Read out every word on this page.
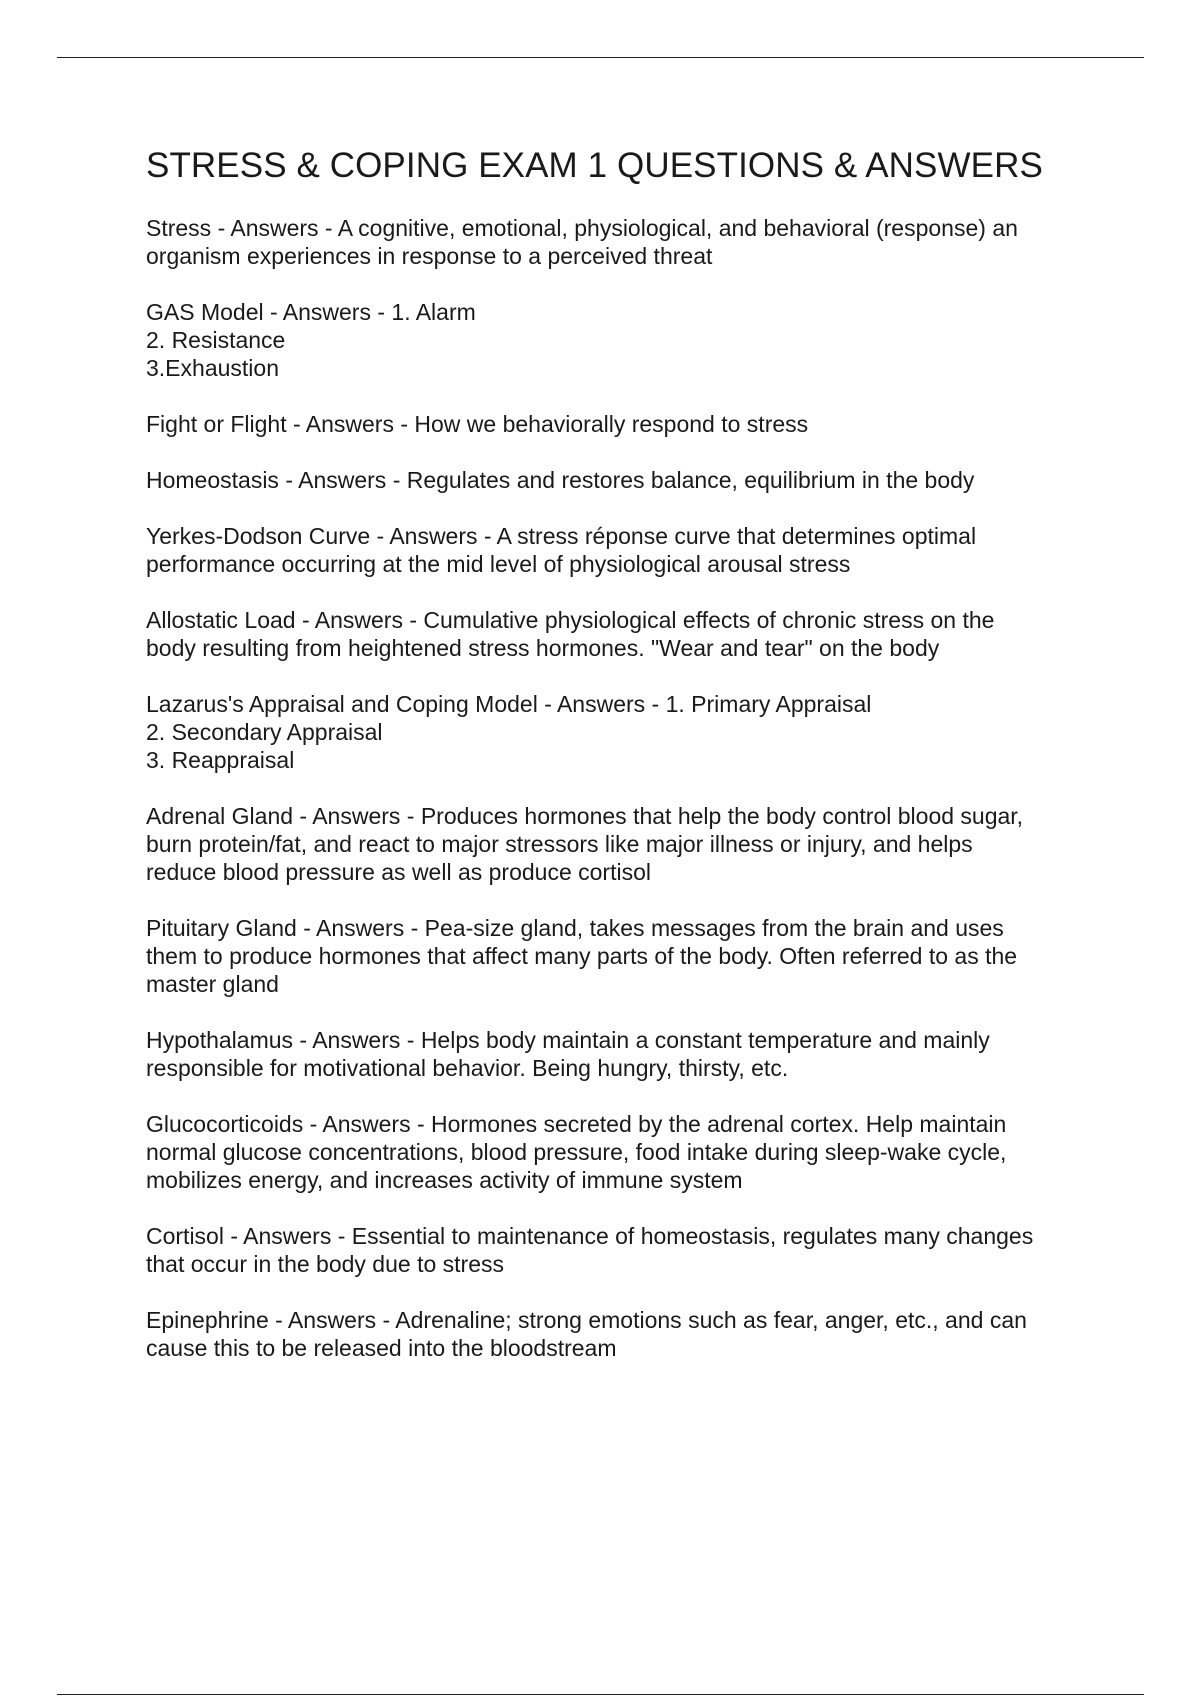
STRESS & COPING EXAM 1 QUESTIONS & ANSWERS

Stress - Answers - A cognitive, emotional, physiological, and behavioral (response) an
organism experiences in response to a perceived threat

GAS Model - Answers - 1. Alarm
2. Resistance
3.Exhaustion

Fight or Flight - Answers - How we behaviorally respond to stress

Homeostasis - Answers - Regulates and restores balance, equilibrium in the body

Yerkes-Dodson Curve - Answers - A stress réponse curve that determines optimal
performance occurring at the mid level of physiological arousal stress

Allostatic Load - Answers - Cumulative physiological effects of chronic stress on the
body resulting from heightened stress hormones. "Wear and tear" on the body

Lazarus's Appraisal and Coping Model - Answers - 1. Primary Appraisal
2. Secondary Appraisal
3. Reappraisal

Adrenal Gland - Answers - Produces hormones that help the body control blood sugar,
burn protein/fat, and react to major stressors like major illness or injury, and helps
reduce blood pressure as well as produce cortisol

Pituitary Gland - Answers - Pea-size gland, takes messages from the brain and uses
them to produce hormones that affect many parts of the body. Often referred to as the
master gland

Hypothalamus - Answers - Helps body maintain a constant temperature and mainly
responsible for motivational behavior. Being hungry, thirsty, etc.

Glucocorticoids - Answers - Hormones secreted by the adrenal cortex. Help maintain
normal glucose concentrations, blood pressure, food intake during sleep-wake cycle,
mobilizes energy, and increases activity of immune system

Cortisol - Answers - Essential to maintenance of homeostasis, regulates many changes
that occur in the body due to stress

Epinephrine - Answers - Adrenaline; strong emotions such as fear, anger, etc., and can
cause this to be released into the bloodstream
